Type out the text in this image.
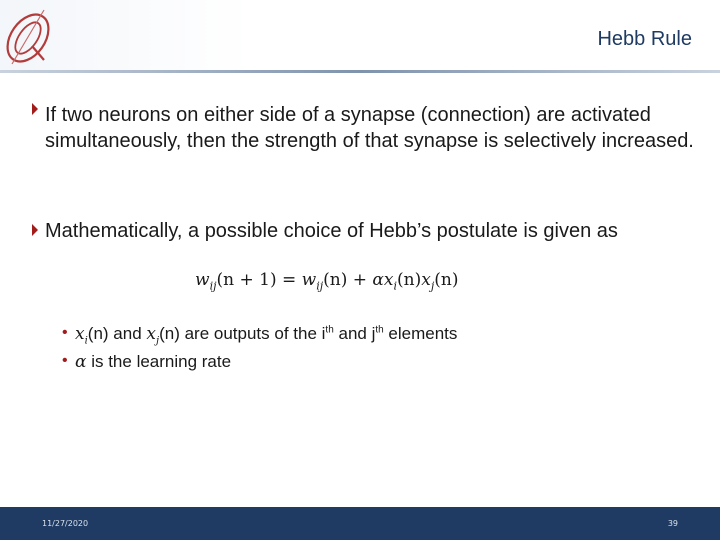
Hebb Rule

If two neurons on either side of a synapse (connection) are activated simultaneously, then the strength of that synapse is selectively increased.

Mathematically, a possible choice of Hebb’s postulate is given as

$w_{ij}(n + 1) = w_{ij}(n) + \alpha x_i(n)x_j(n)$
• $x_i(n)$ and $x_j(n)$ are outputs of the $i^{th}$ and $j^{th}$ elements
• α is the learning rate
11/27/2020	39
